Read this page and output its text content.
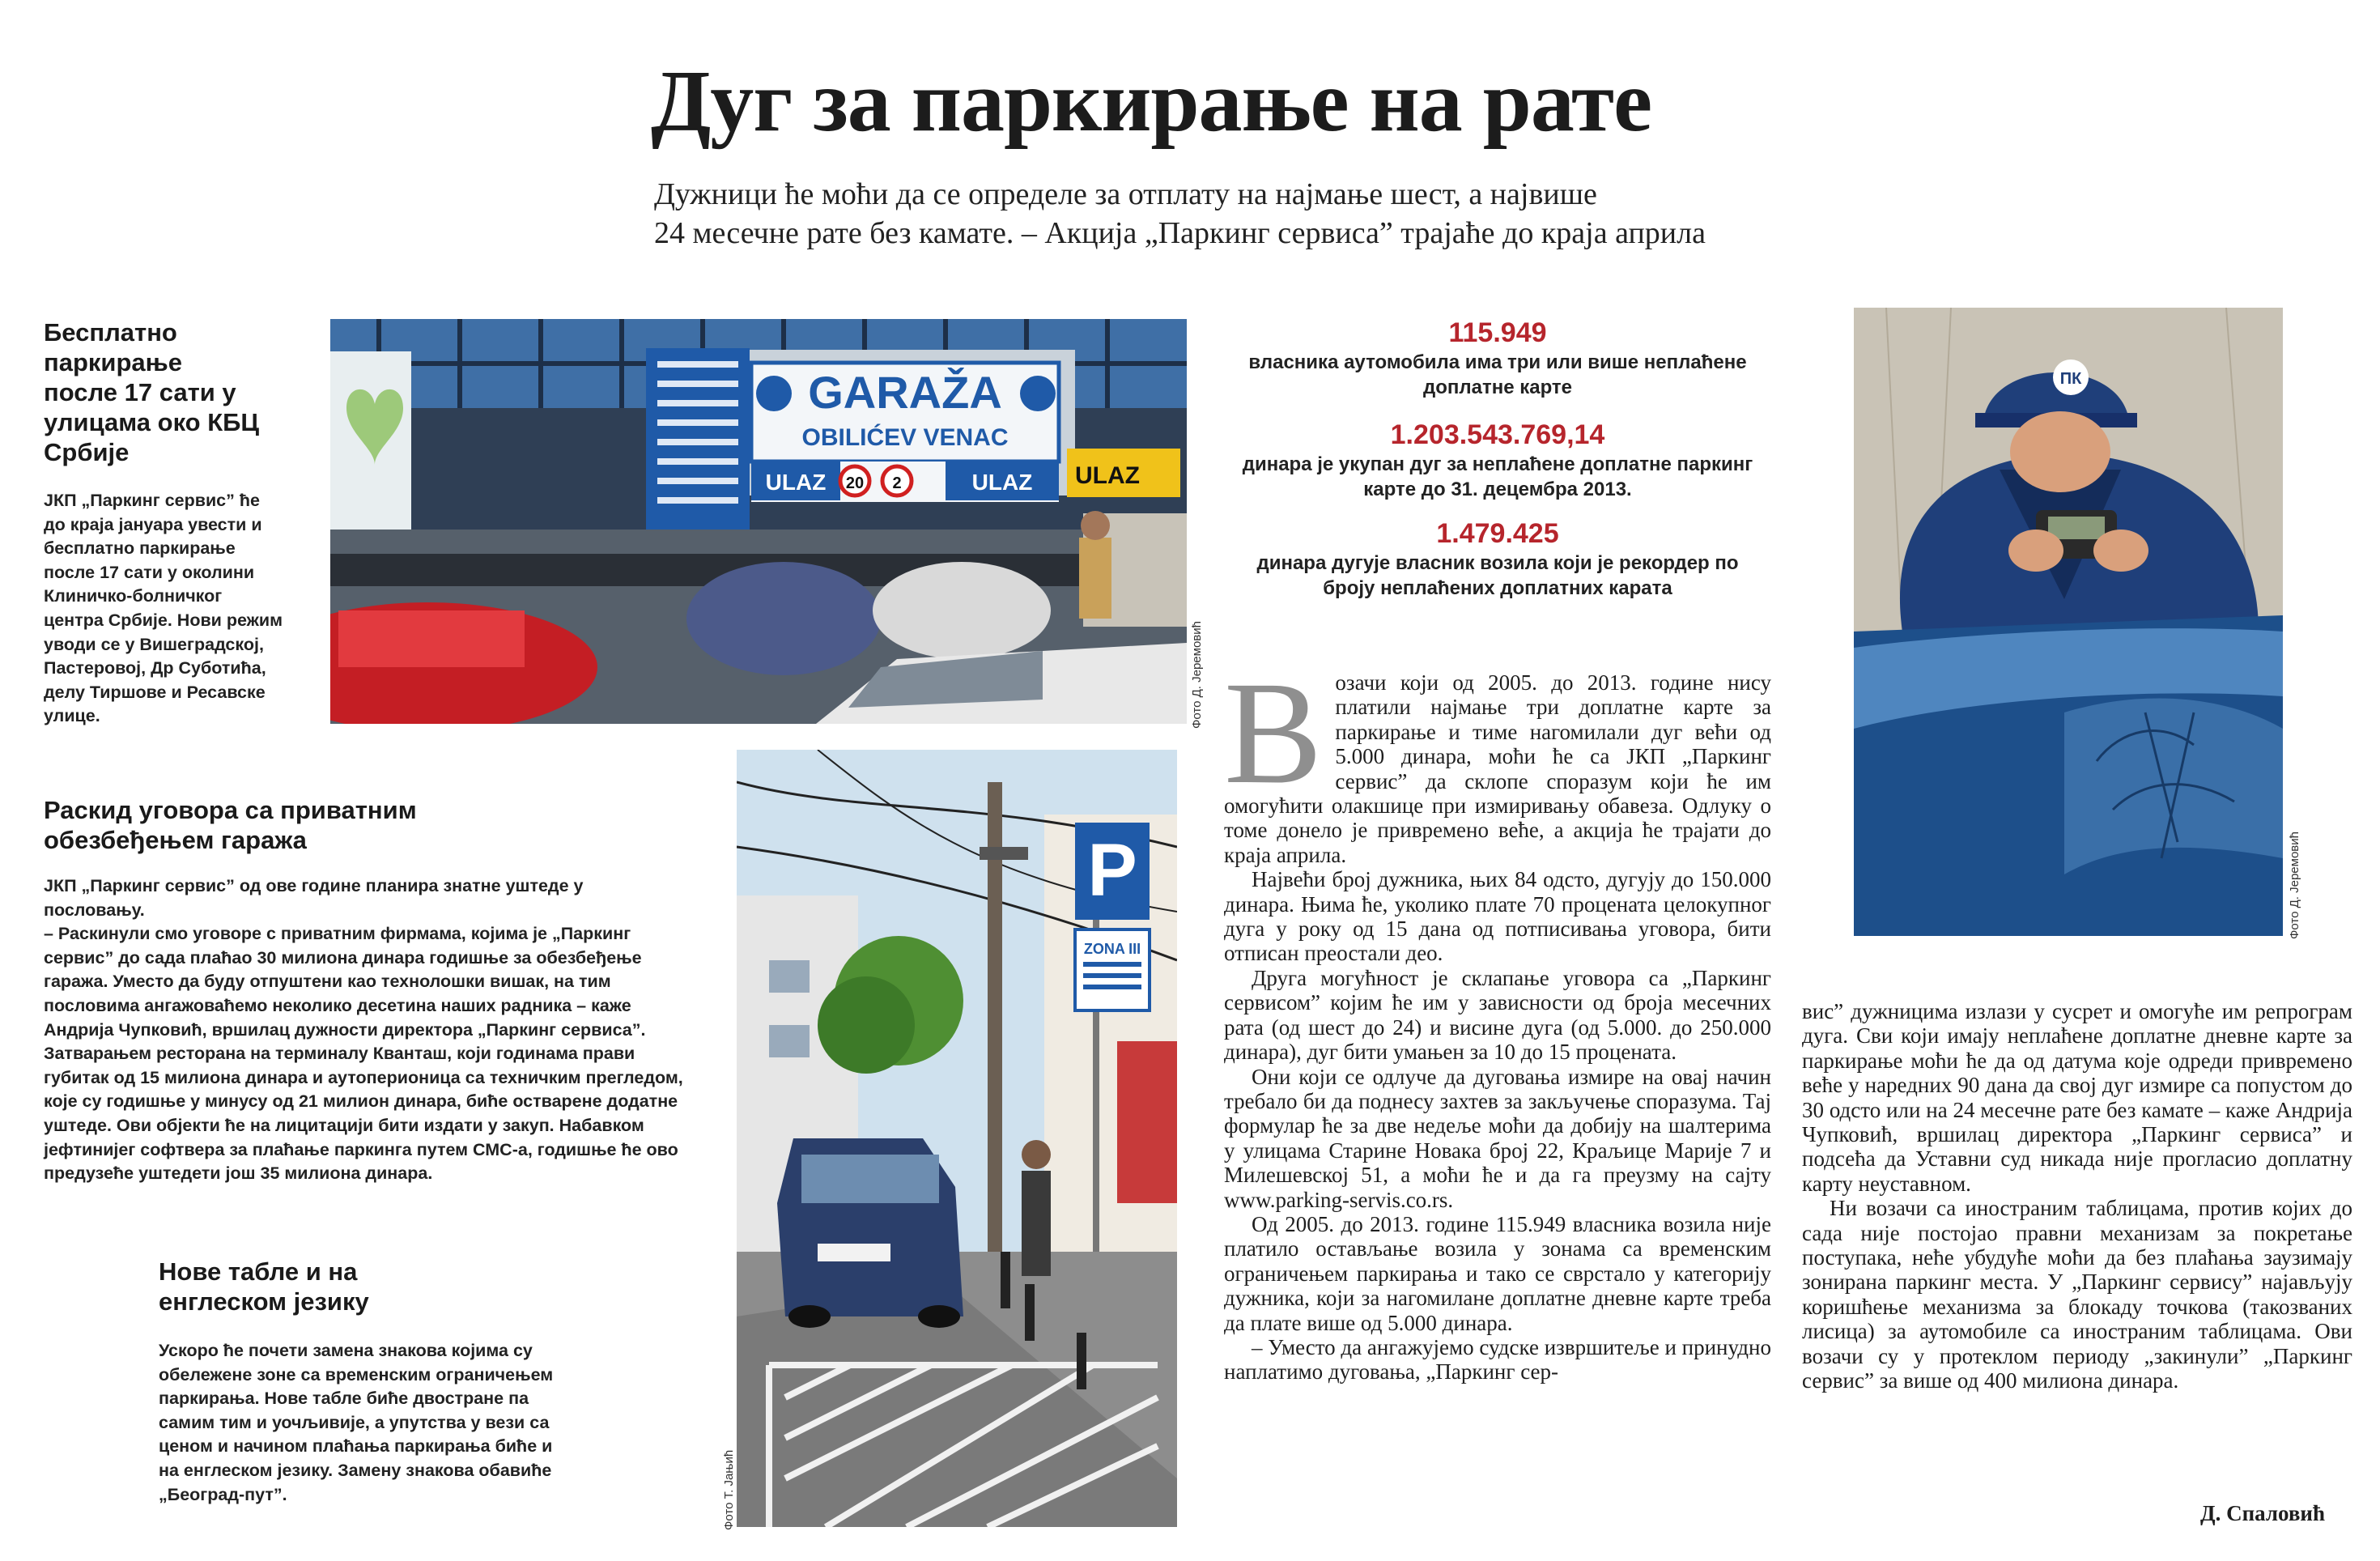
Дуг за паркирање на рате
Дужници ће моћи да се определе за отплату на најмање шест, а највише
24 месечне рате без камате. – Акција „Паркинг сервиса” трајаће до краја априла
Бесплатно паркирање после 17 сати у улицама око КБЦ Србије

ЈКП „Паркинг сервис” ће до краја јануара увести и бесплатно паркирање после 17 сати у околини Клиничко-болничког центра Србије. Нови режим уводи се у Вишеградској, Пастеровој, Др Суботића, делу Тиршове и Ресавске улице.

Раскид уговора са приватним обезбеђењем гаража

ЈКП „Паркинг сервис” од ове године планира знатне уштеде у пословању.

– Раскинули смо уговоре с приватним фирмама, којима је „Паркинг сервис” до сада плаћао 30 милиона динара годишње за обезбеђење гаража. Уместо да буду отпуштени као технолошки вишак, на тим пословима ангажоваћемо неколико десетина наших радника – каже Андрија Чупковић, вршилац дужности директора „Паркинг сервиса”.

Затварањем ресторана на терминалу Кванташ, који годинама прави губитак од 15 милиона динара и аутоперионица са техничким прегледом, које су годишње у минусу од 21 милион динара, биће остварене додатне уштеде. Ови објекти ће на лицитацији бити издати у закуп. Набавком јефтинијег софтвера за плаћање паркинга путем СМС-а, годишње ће ово предузеће уштедети још 35 милиона динара.

Нове табле и на енглеском језику

Ускоро ће почети замена знакова којима су обележене зоне са временским ограничењем паркирања. Нове табле биће двостране па самим тим и уочљивије, а упутства у вези са ценом и начином плаћања паркирања биће и на енглеском језику. Замену знакова обавиће „Београд-пут”.

GARAŽA
OBILIĆEV VENAC
ULAZ 20 2	ULAZ ULAZ
Фото Д. Јеремовић
P
ZONA III
Фото Т. Јањић
ПК
Фото Д. Јеремовић
115.949
власника аутомобила има три или више неплаћене доплатне карте
1.203.543.769,14
динара је укупан дуг за неплаћене доплатне паркинг карте до 31. децембра 2013.
1.479.425
динара дугује власник возила који је рекордер по броју неплаћених доплатних карата
В озачи који од 2005. до 2013. године нису платили најмање три доплатне карте за паркирање и тиме нагомилали дуг већи од 5.000 динара, моћи ће са ЈКП „Паркинг сервис” да склопе споразум који ће им омогућити олакшице при измиривању обавеза. Одлуку о томе донело је привремено веће, а акција ће трајати до краја априла.

Највећи број дужника, њих 84 одсто, дугују до 150.000 динара. Њима ће, уколико плате 70 процената целокупног дуга у року од 15 дана од потписивања уговора, бити отписан преостали део.

Друга могућност је склапање уговора са „Паркинг сервисом” којим ће им у зависности од броја месечних рата (од шест до 24) и висине дуга (од 5.000. до 250.000 динара), дуг бити умањен за 10 до 15 процената.

Они који се одлуче да дуговања измире на овај начин требало би да поднесу захтев за закључење споразума. Тај формулар ће за две недеље моћи да добију на шалтерима у улицама Старине Новака број 22, Краљице Марије 7 и Милешевској 51, а моћи ће и да га преузму на сајту www.parking-servis.co.rs.

Од 2005. до 2013. године 115.949 власника возила није платило остављање возила у зонама са временским ограничењем паркирања и тако се сврстало у категорију дужника, који за нагомилане доплатне дневне карте треба да плате више од 5.000 динара.

– Уместо да ангажујемо судске извршитеље и принудно наплатимо дуговања, „Паркинг сер-

вис” дужницима излази у сусрет и омогуће им репрограм дуга. Сви који имају неплаћене доплатне дневне карте за паркирање моћи ће да од датума које одреди привремено веће у наредних 90 дана да свој дуг измире са попустом до 30 одсто или на 24 месечне рате без камате – каже Андрија Чупковић, вршилац директора „Паркинг сервиса” и подсећа да Уставни суд никада није прогласио доплатну карту неуставном.

Ни возачи са иностраним таблицама, против којих до сада није постојао правни механизам за покретање поступака, неће убудуће моћи да без плаћања заузимају зонирана паркинг места. У „Паркинг сервису” најављују коришћење механизма за блокаду точкова (такозваних лисица) за аутомобиле са иностраним таблицама. Ови возачи су у протеклом периоду „закинули” „Паркинг сервис” за више од 400 милиона динара.

Д. Спаловић
